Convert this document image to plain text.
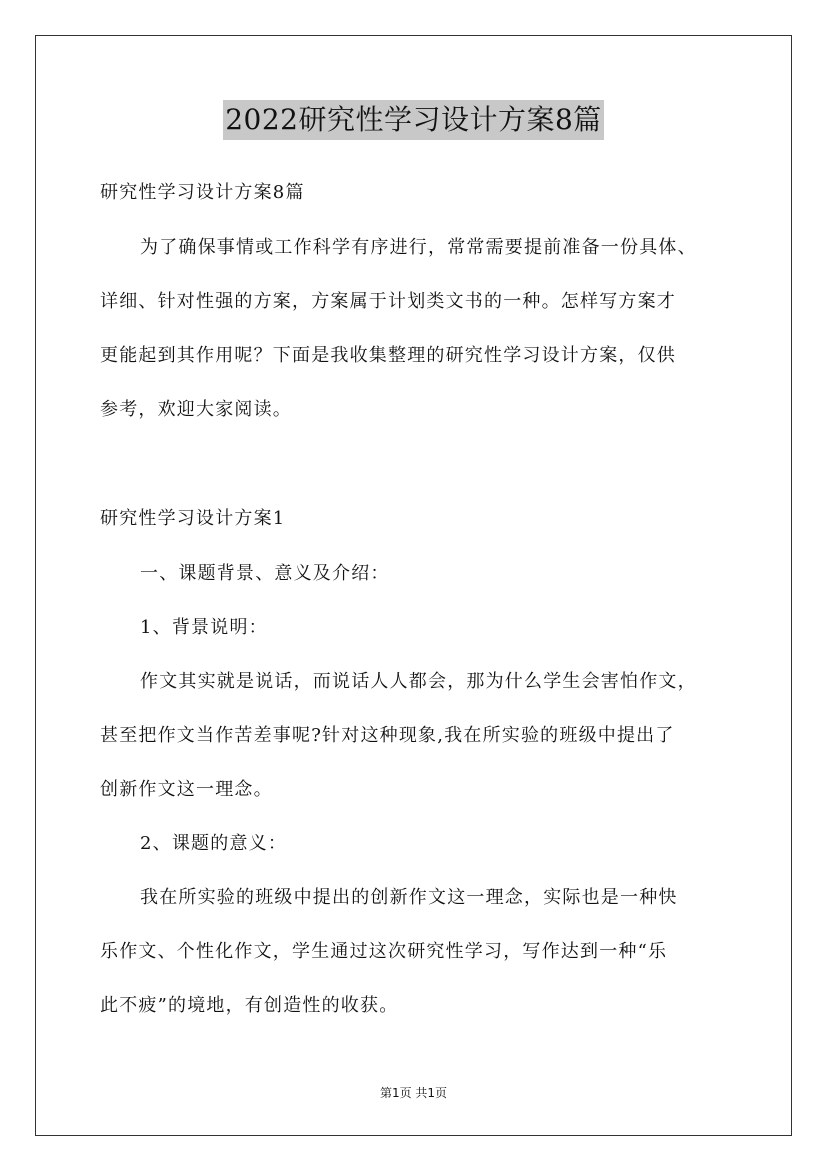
2022研究性学习设计方案8篇
研究性学习设计方案8篇
为了确保事情或工作科学有序进行，常常需要提前准备一份具体、
详细、针对性强的方案，方案属于计划类文书的一种。怎样写方案才
更能起到其作用呢？下面是我收集整理的研究性学习设计方案，仅供
参考，欢迎大家阅读。
研究性学习设计方案1
一、课题背景、意义及介绍：
1、背景说明：
作文其实就是说话，而说话人人都会，那为什么学生会害怕作文，
甚至把作文当作苦差事呢?针对这种现象,我在所实验的班级中提出了
创新作文这一理念。
2、课题的意义：
我在所实验的班级中提出的创新作文这一理念，实际也是一种快
乐作文、个性化作文，学生通过这次研究性学习，写作达到一种“乐
此不疲”的境地，有创造性的收获。
第1页 共1页
